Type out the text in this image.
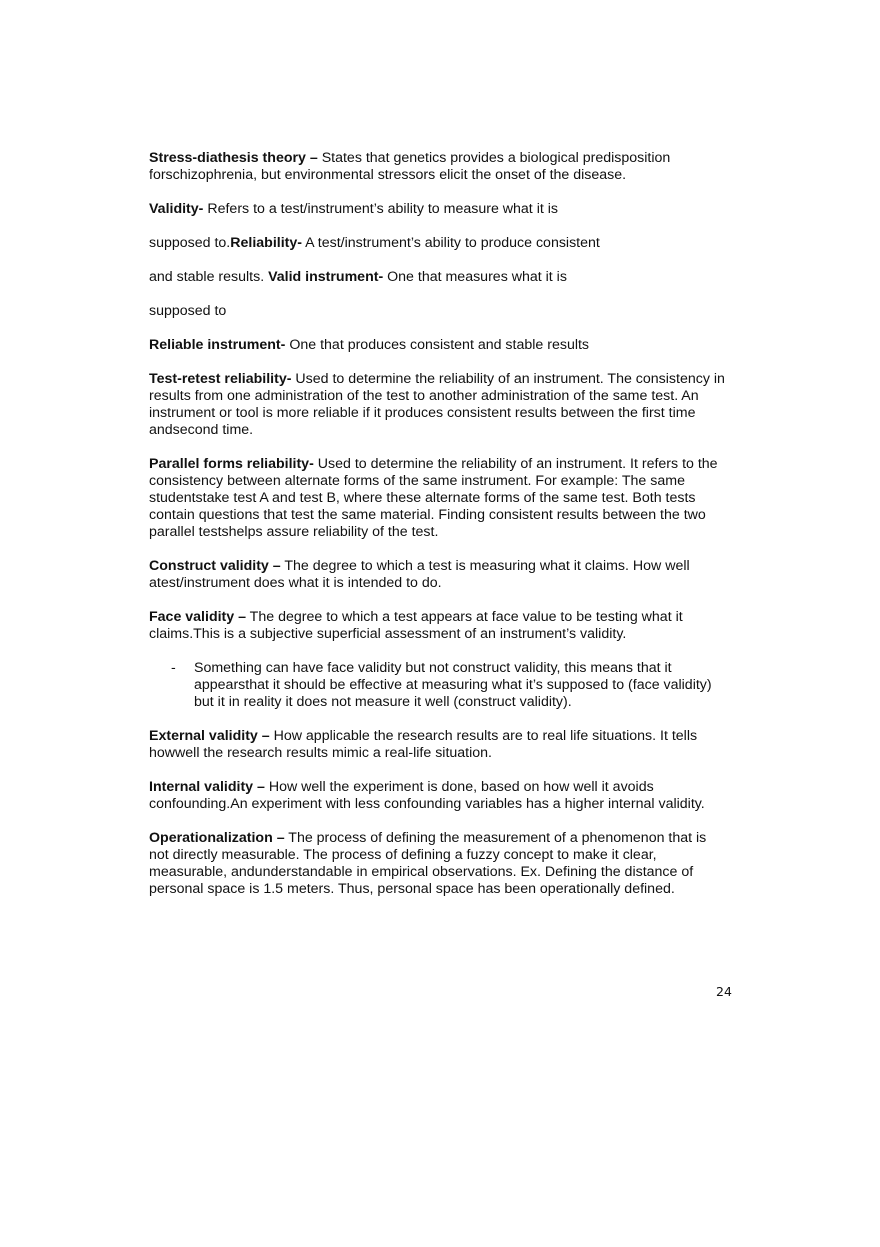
Stress-diathesis theory – States that genetics provides a biological predisposition forschizophrenia, but environmental stressors elicit the onset of the disease.

Validity- Refers to a test/instrument’s ability to measure what it is

supposed to.Reliability- A test/instrument’s ability to produce consistent

and stable results. Valid instrument- One that measures what it is

supposed to

Reliable instrument- One that produces consistent and stable results

Test-retest reliability- Used to determine the reliability of an instrument. The consistency in results from one administration of the test to another administration of the same test. An instrument or tool is more reliable if it produces consistent results between the first time andsecond time.

Parallel forms reliability- Used to determine the reliability of an instrument. It refers to the consistency between alternate forms of the same instrument. For example: The same studentstake test A and test B, where these alternate forms of the same test. Both tests contain questions that test the same material. Finding consistent results between the two parallel testshelps assure reliability of the test.

Construct validity – The degree to which a test is measuring what it claims. How well atest/instrument does what it is intended to do.

Face validity – The degree to which a test appears at face value to be testing what it claims.This is a subjective superficial assessment of an instrument’s validity.

- Something can have face validity but not construct validity, this means that it appearsthat it should be effective at measuring what it’s supposed to (face validity) but it in reality it does not measure it well (construct validity).

External validity – How applicable the research results are to real life situations. It tells howwell the research results mimic a real-life situation.

Internal validity – How well the experiment is done, based on how well it avoids confounding.An experiment with less confounding variables has a higher internal validity.

Operationalization – The process of defining the measurement of a phenomenon that is not directly measurable. The process of defining a fuzzy concept to make it clear, measurable, andunderstandable in empirical observations. Ex. Defining the distance of personal space is 1.5 meters. Thus, personal space has been operationally defined.

24
